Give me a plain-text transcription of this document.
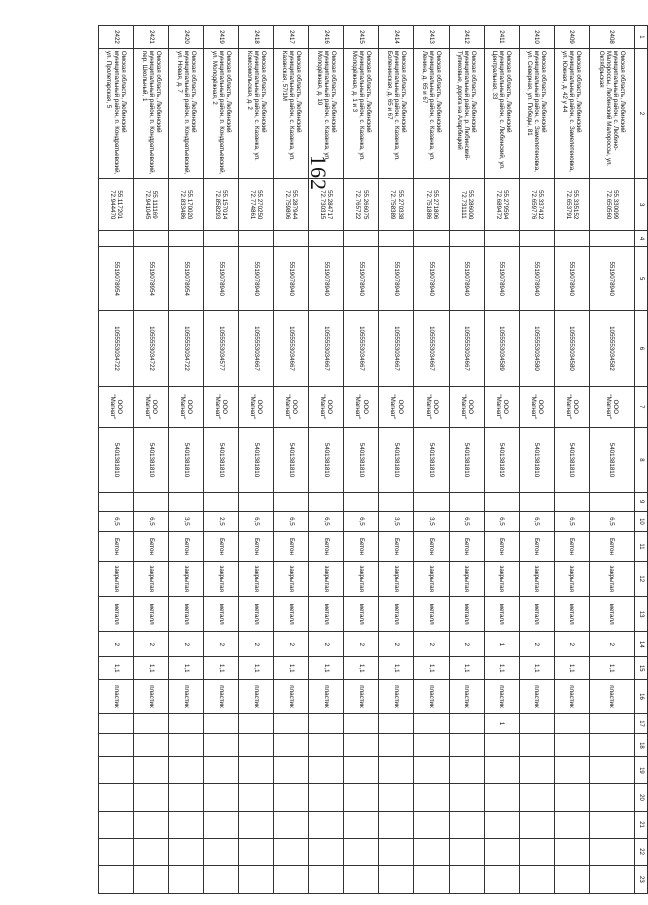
162
1	2	3	4	5	6	7	8	9	10	11	12	13	14	15	16	17	18	19	20	21	22	23
2408	Омская область, Любинский муниципальный район, с. Любино-Малороссы, Любинский Малороссы, ул. Октябрьская	55.330099 72.650560		5519078940	1055553034582	ООО "Магнат"	5401381810		6,5	Бетон	закрытая	металл	2	1,1	пластик							
2409	Омская область, Любинский муниципальный район, с. Замелетеновка, ул. Южная, д. 42 у 44	55.335152 72.653791		5519078940	1055553034580	ООО "Магнат"	5401381810		6,5	Бетон	закрытая	металл	2	1,1	пластик							
2410	Омская область, Любинский муниципальный район, с. Замелетеновка, ул. Северная, ул. Победы, 81	55.337412 72.659776		5519078940	1055553034580	ООО "Магнат"	5401381810		6,5	Бетон	закрытая	металл	2	1,1	пластик							
2411	Омская область, Любинский муниципальный район, с. Любинский, ул. Центральная, 33	55.279594 72.689472		5519078940	1055553034589	ООО "Магнат"	5401381819		6,5	Бетон	закрытая	металл	1	1,1	пластик	1						
2412	Омская область, Любинский муниципальный район, р. Любинский-Тупиковые, дорога на Аларбицкий	55.286000 72.731111		5519078940	1055553034667	ООО "Магнат"	5401381810		6,5	Бетон	закрытая	металл	2	1,1	пластик							
2413	Омская область, Любинский муниципальный район, с. Казанка, ул. Ленина, д. 65 и 67	55.271806 72.751886		5519078940	1055553034667	ООО "Магнат"	5401381810		3,5	Бетон	закрытая	металл	2	1,1	пластик							
2414	Омская область, Любинский муниципальный район, с. Казанка, ул. Боленинская, д. 65 и 67	55.270338 72.758389		5519078940	1055553034667	ООО "Магнат"	5401381810		3,5	Бетон	закрытая	металл	2	1,1	пластик							
2415	Омская область, Любинский муниципальный район, с. Казанка, ул. Молодёжная, д. 1 и 3	55.266075 72.765722		5519078940	1055553034667	ООО "Магнат"	5401381810		6,5	Бетон	закрытая	металл	2	1,1	пластик							
2416	Омская область, Любинский муниципальный район, с. Казанка, ул. Молодёжная, д. 10	55.284717 72.730315		5519078940	1055553034667	ООО "Магнат"	5401381810		6,5	Бетон	закрытая	металл	2	1,1	пластик							
2417	Омская область, Любинский муниципальный район, с. Казанка, ул. Казанская, 57/1М	55.287944 72.759806		5519078940	1055553034667	ООО "Магнат"	5401381810		6,5	Бетон	закрытая	металл	2	1,1	пластик							
2418	Омская область, Любинский муниципальный район, с. Казанка, ул. Комсомольская, д. 2	55.270250 72.774861		5519078940	1055553034667	ООО "Магнат"	5401381810		6,5	Бетон	закрытая	металл	2	1,1	пластик							
2419	Омская область, Любинский муниципальный район, п. Кондратьевский, ул. Молодёжная, 2	55.157014 72.858293		5519078940	1055553034577	ООО "Магнат"	5401381810		2,5	Бетон	закрытая	металл	2	1,1	пластик							
2420	Омская область, Любинский муниципальный район, п. Кондратьевский, ул. Новая, д. 7	55.170020 72.833486		5519078954	1055553034722	ООО "Магнат"	5401381810		3,5	Бетон	закрытая	металл	2	1,1	пластик							
2421	Омская область, Любинский муниципальный район, п. Кондратьевский, пер. Школьный, 1	55.111169 72.941045		5519078954	1055553034722	ООО "Магнат"	5401381810		6,5	Бетон	закрытая	металл	2	1,1	пластик							
2422	Омская область, Любинский муниципальный район, п. Кондратьевский, ул. Пролетарская, 5	55.117201 72.944470		5519078954	1055553034722	ООО "Магнат"	5401381810		6,5	Бетон	закрытая	металл	2	1,1	пластик							
